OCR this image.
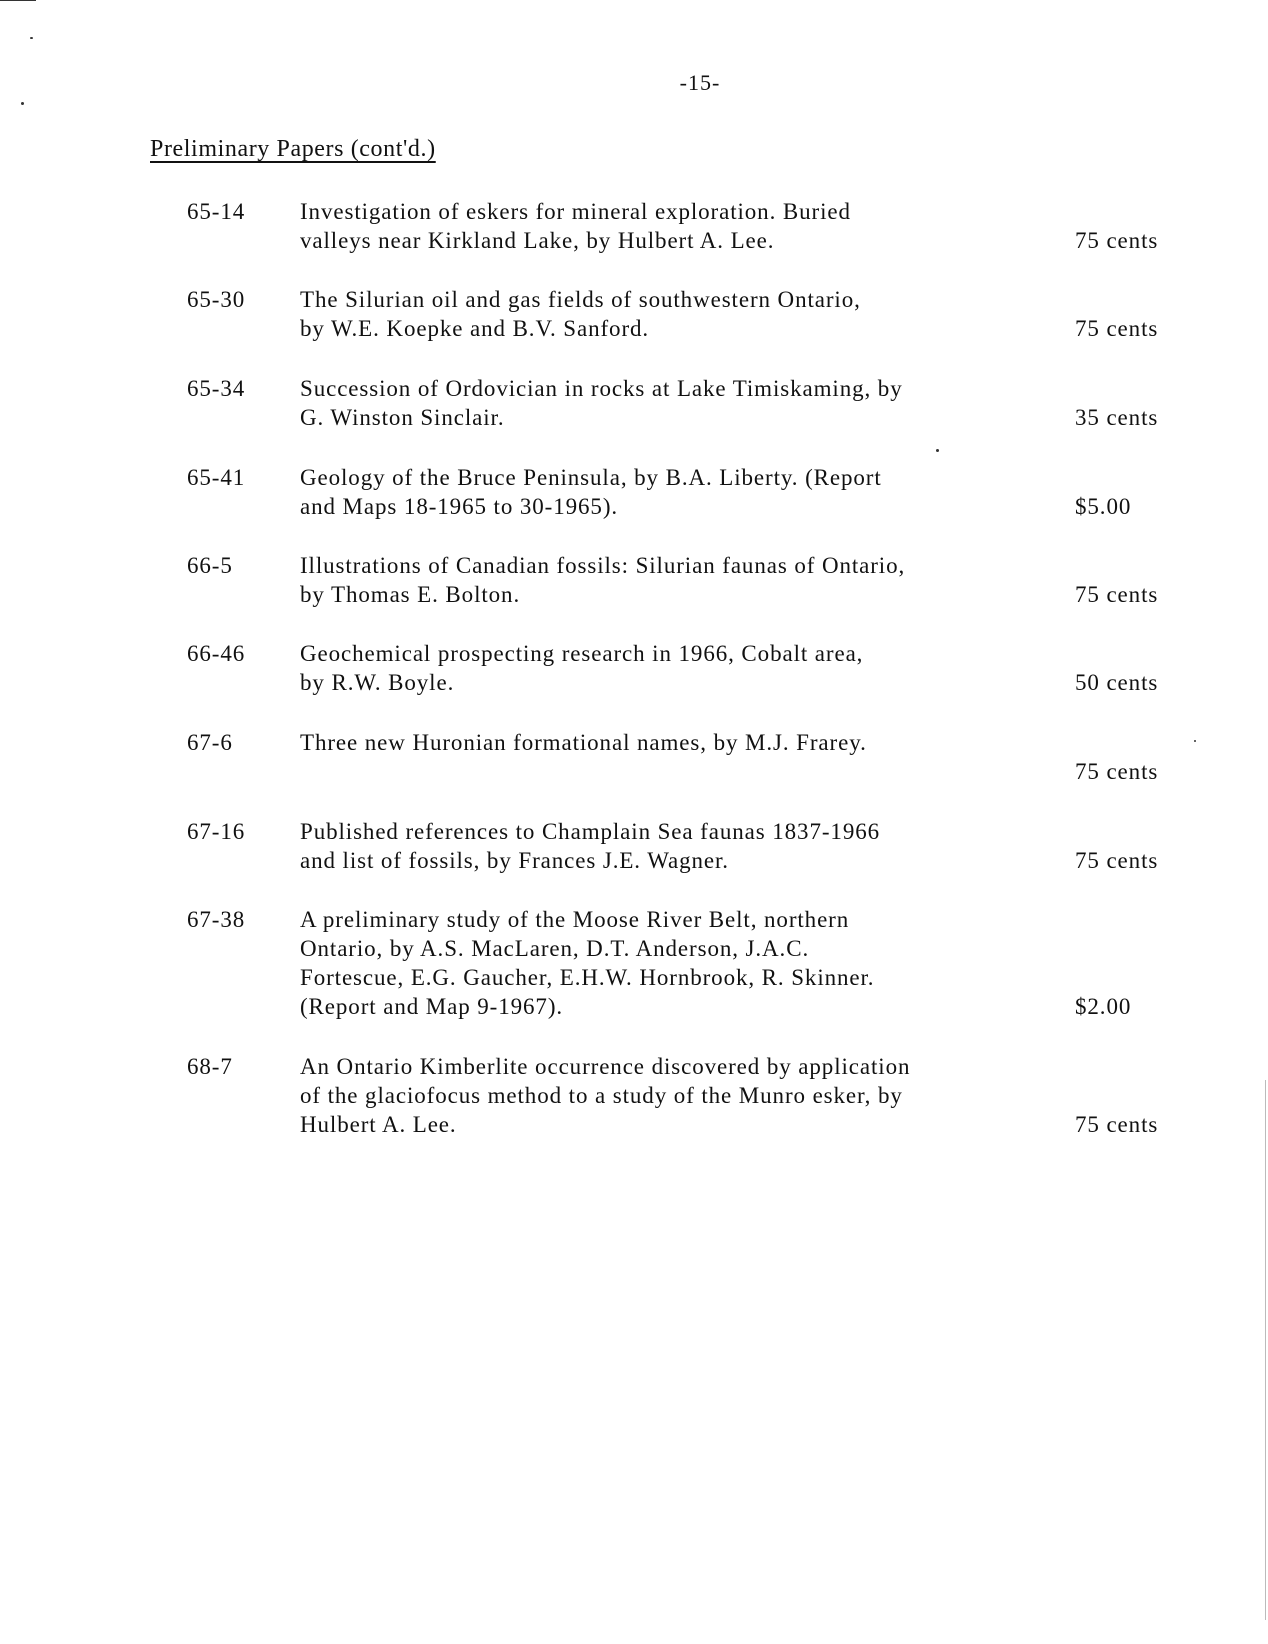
-15-
Preliminary Papers (cont'd.)
65-14	Investigation of eskers for mineral exploration. Buried
valleys near Kirkland Lake, by Hulbert A. Lee.	75 cents
65-30	The Silurian oil and gas fields of southwestern Ontario,
by W.E. Koepke and B.V. Sanford.	75 cents
65-34	Succession of Ordovician in rocks at Lake Timiskaming, by
G. Winston Sinclair.	35 cents
65-41	Geology of the Bruce Peninsula, by B.A. Liberty. (Report
and Maps 18-1965 to 30-1965).	$5.00
66-5	Illustrations of Canadian fossils: Silurian faunas of Ontario,
by Thomas E. Bolton.	75 cents
66-46	Geochemical prospecting research in 1966, Cobalt area,
by R.W. Boyle.	50 cents
67-6	Three new Huronian formational names, by M.J. Frarey.
75 cents
67-16	Published references to Champlain Sea faunas 1837-1966
and list of fossils, by Frances J.E. Wagner.	75 cents
67-38	A preliminary study of the Moose River Belt, northern
Ontario, by A.S. MacLaren, D.T. Anderson, J.A.C.
Fortescue, E.G. Gaucher, E.H.W. Hornbrook, R. Skinner.
(Report and Map 9-1967).	$2.00
68-7	An Ontario Kimberlite occurrence discovered by application
of the glaciofocus method to a study of the Munro esker, by
Hulbert A. Lee.	75 cents
